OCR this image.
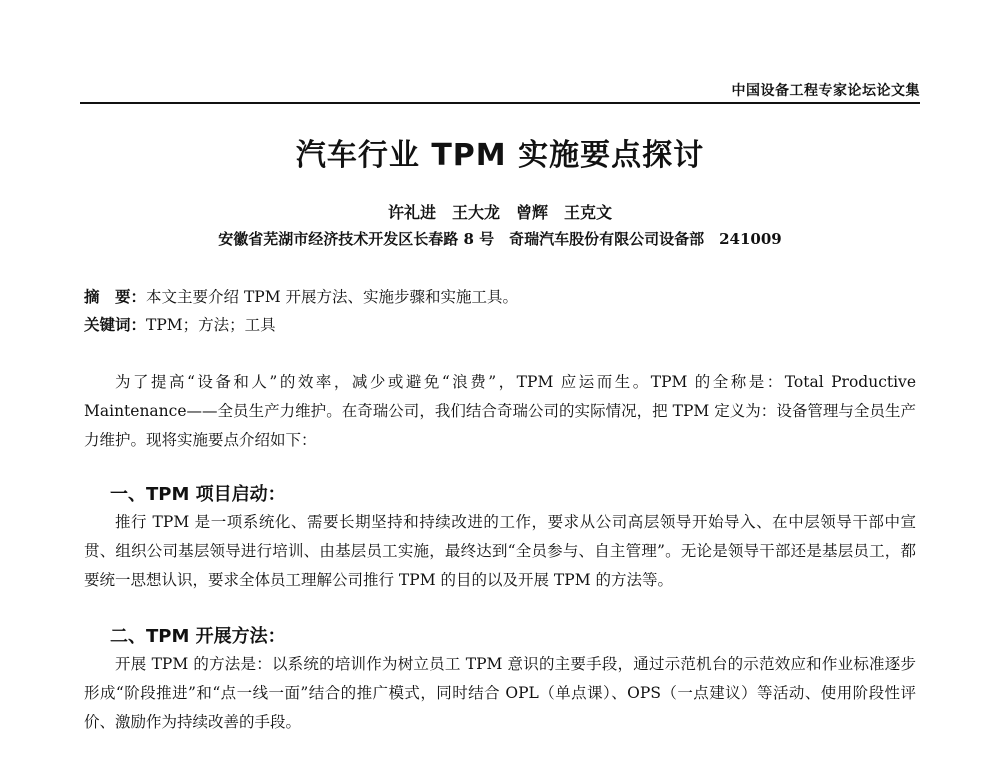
中国设备工程专家论坛论文集
汽车行业 TPM 实施要点探讨
许礼进　王大龙　曾辉　王克文
安徽省芜湖市经济技术开发区长春路 8 号　奇瑞汽车股份有限公司设备部　241009
摘　要：本文主要介绍 TPM 开展方法、实施步骤和实施工具。
关键词：TPM；方法；工具
为了提高“设备和人”的效率，减少或避免“浪费”，TPM 应运而生。TPM 的全称是：Total Productive Maintenance——全员生产力维护。在奇瑞公司，我们结合奇瑞公司的实际情况，把 TPM 定义为：设备管理与全员生产力维护。现将实施要点介绍如下：
一、TPM 项目启动：
推行 TPM 是一项系统化、需要长期坚持和持续改进的工作，要求从公司高层领导开始导入、在中层领导干部中宣贯、组织公司基层领导进行培训、由基层员工实施，最终达到“全员参与、自主管理”。无论是领导干部还是基层员工，都要统一思想认识，要求全体员工理解公司推行 TPM 的目的以及开展 TPM 的方法等。
二、TPM 开展方法：
开展 TPM 的方法是：以系统的培训作为树立员工 TPM 意识的主要手段，通过示范机台的示范效应和作业标准逐步形成“阶段推进”和“点一线一面”结合的推广模式，同时结合 OPL（单点课）、OPS（一点建议）等活动、使用阶段性评价、激励作为持续改善的手段。
